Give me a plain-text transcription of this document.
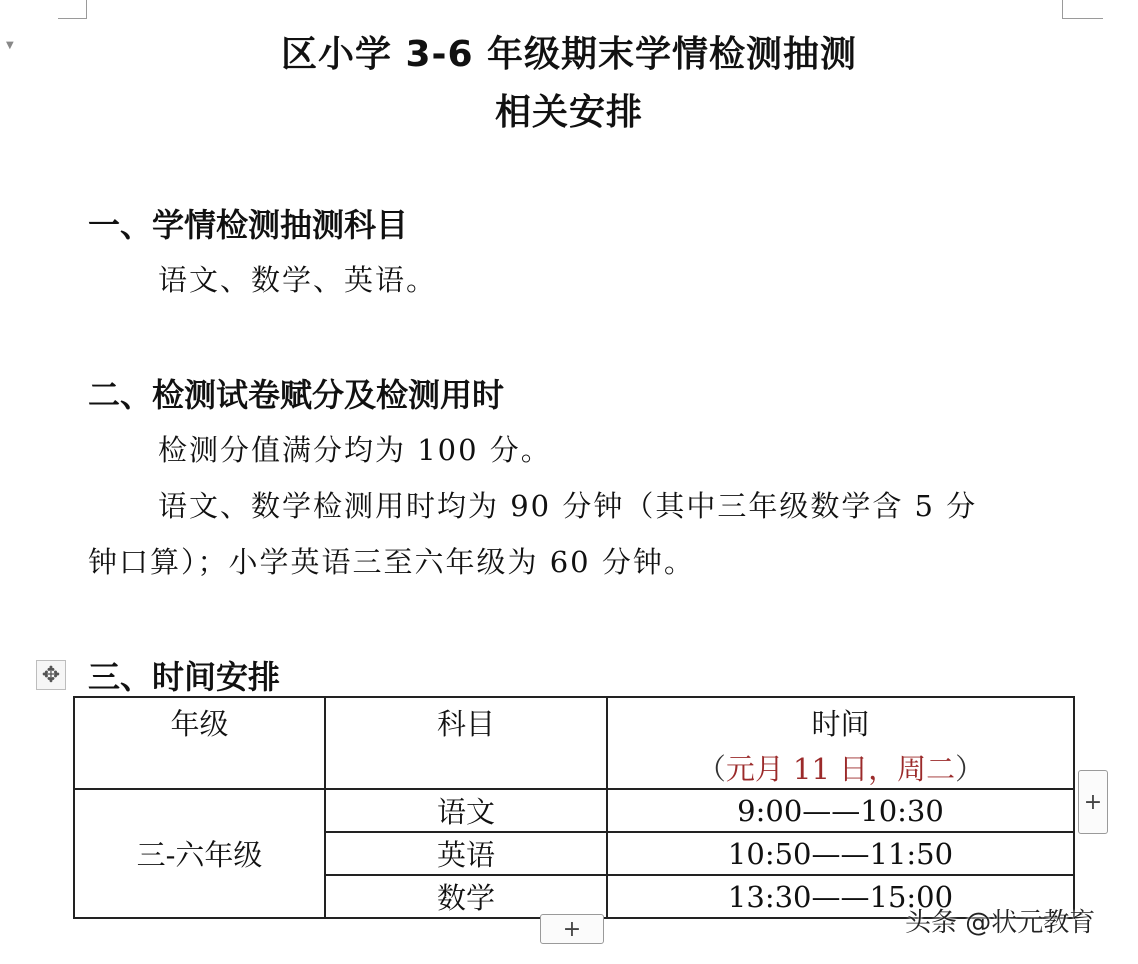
▼	区小学 3-6 年级期末学情检测抽测
相关安排
一、学情检测抽测科目
语文、数学、英语。
二、检测试卷赋分及检测用时
检测分值满分均为 100 分。
语文、数学检测用时均为 90 分钟（其中三年级数学含 5 分
钟口算）；小学英语三至六年级为 60 分钟。
✥ 三、时间安排
年级	科目	时间
（元月 11 日，周二）

三-六年级	语文	9:00——10:30
	英语	10:50——11:50
	数学	13:30——15:00
+
+	头条 @状元教育
